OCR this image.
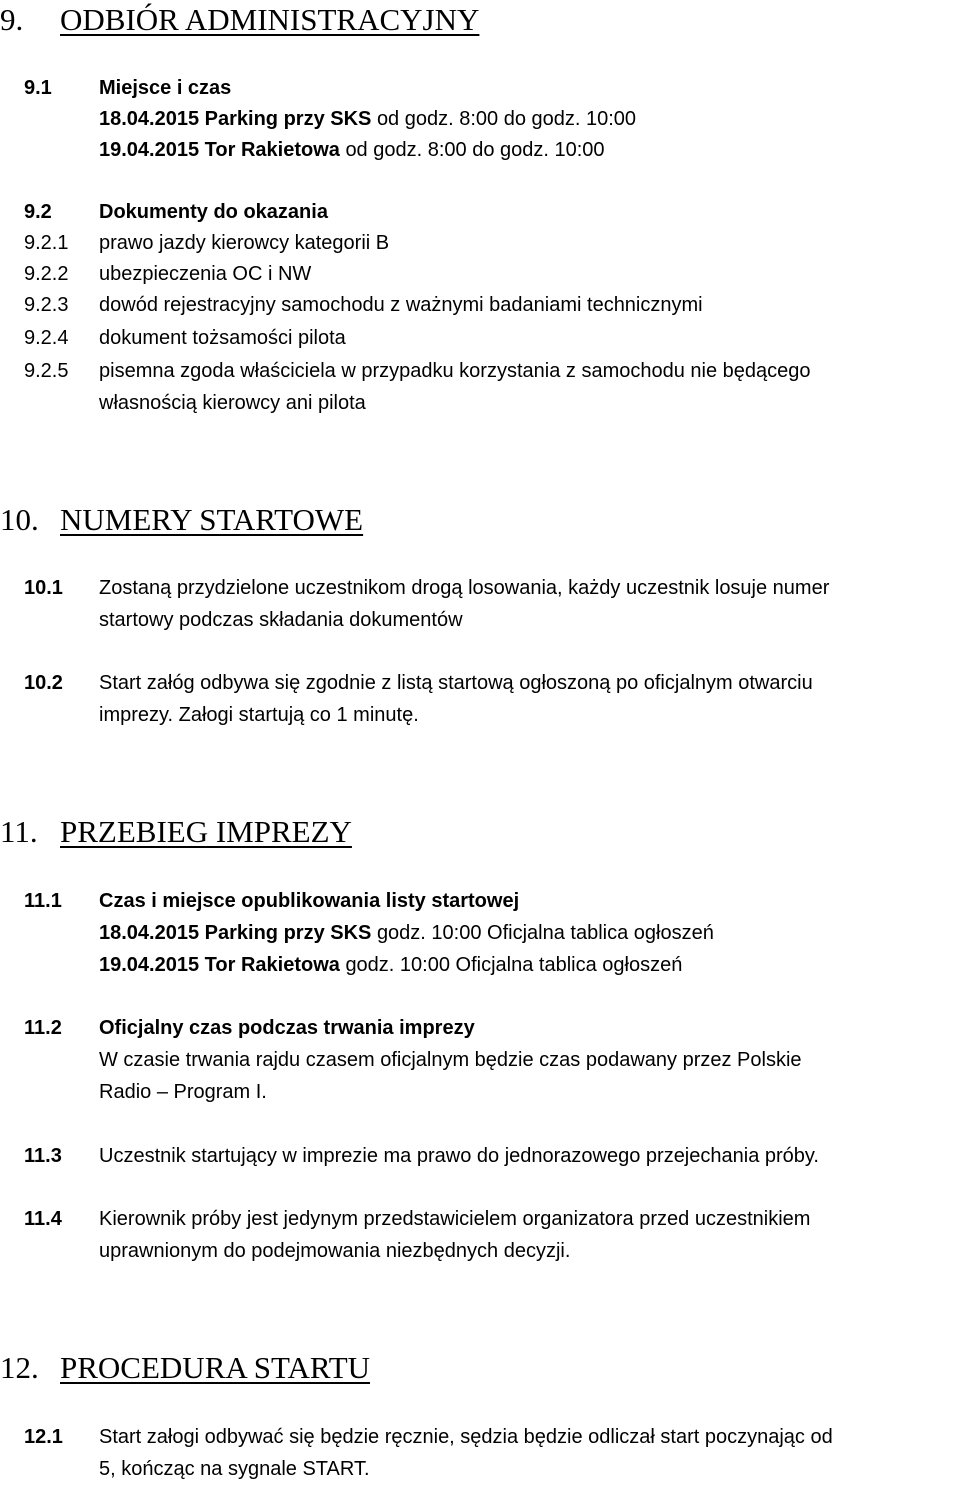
9. ODBIÓR ADMINISTRACYJNY
9.1 Miejsce i czas
18.04.2015 Parking przy SKS od godz. 8:00 do godz. 10:00
19.04.2015 Tor Rakietowa od godz. 8:00 do godz. 10:00
9.2 Dokumenty do okazania
9.2.1 prawo jazdy kierowcy kategorii B
9.2.2 ubezpieczenia OC i NW
9.2.3 dowód rejestracyjny samochodu z ważnymi badaniami technicznymi
9.2.4 dokument tożsamości pilota
9.2.5 pisemna zgoda właściciela w przypadku korzystania z samochodu nie będącego
własnością kierowcy ani pilota
10. NUMERY STARTOWE
10.1 Zostaną przydzielone uczestnikom drogą losowania, każdy uczestnik losuje numer
startowy podczas składania dokumentów
10.2 Start załóg odbywa się zgodnie z listą startową ogłoszoną po oficjalnym otwarciu
imprezy. Załogi startują co 1 minutę.
11. PRZEBIEG IMPREZY
11.1 Czas i miejsce opublikowania listy startowej
18.04.2015 Parking przy SKS godz. 10:00 Oficjalna tablica ogłoszeń
19.04.2015 Tor Rakietowa godz. 10:00 Oficjalna tablica ogłoszeń
11.2 Oficjalny czas podczas trwania imprezy
W czasie trwania rajdu czasem oficjalnym będzie czas podawany przez Polskie
Radio – Program I.
11.3 Uczestnik startujący w imprezie ma prawo do jednorazowego przejechania próby.
11.4 Kierownik próby jest jedynym przedstawicielem organizatora przed uczestnikiem
uprawnionym do podejmowania niezbędnych decyzji.
12. PROCEDURA STARTU
12.1 Start załogi odbywać się będzie ręcznie, sędzia będzie odliczał start poczynając od
5, kończąc na sygnale START.
